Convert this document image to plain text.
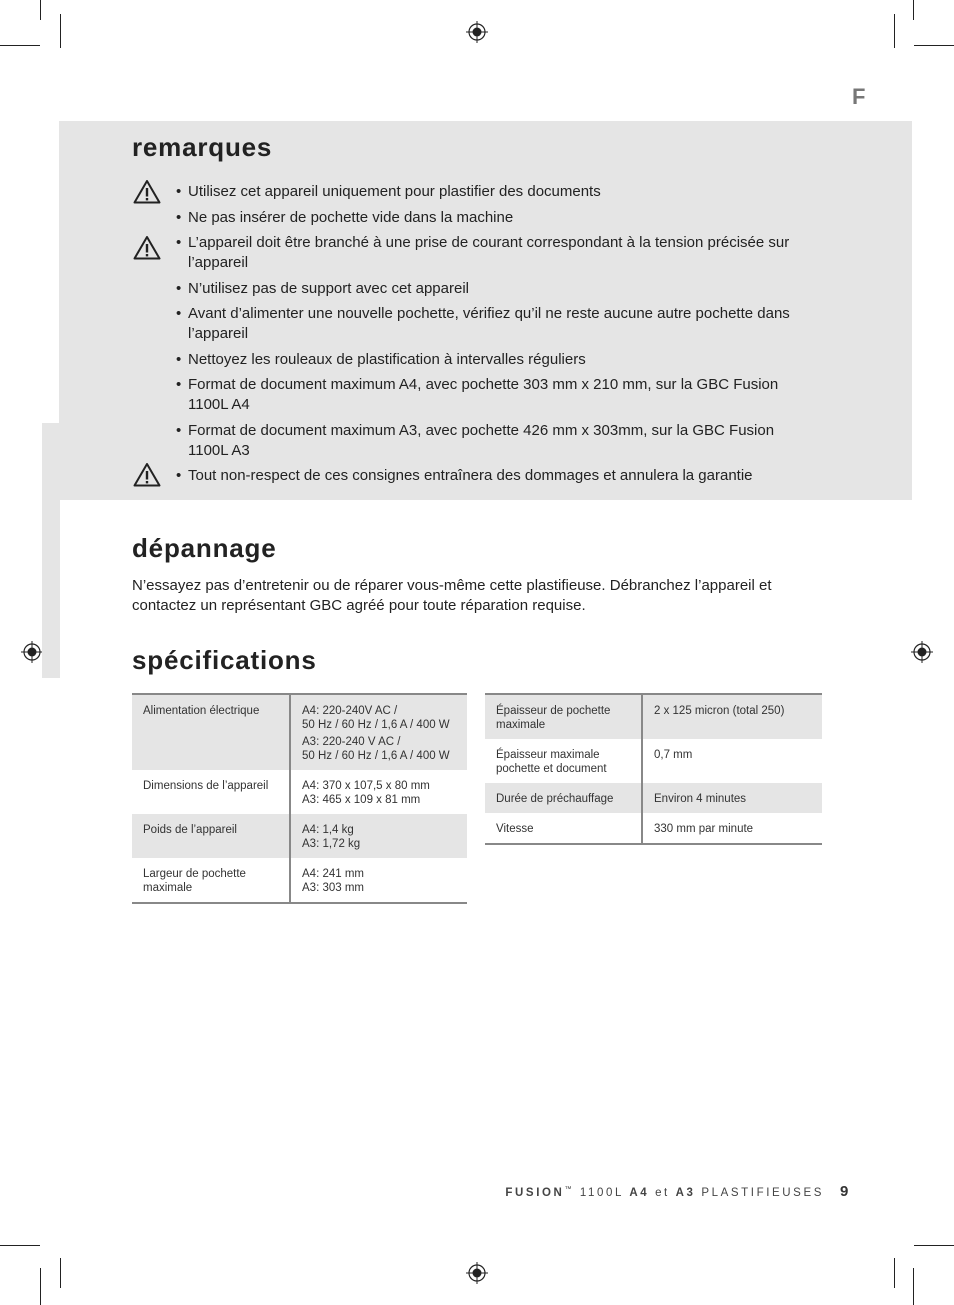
F
remarques
• Utilisez cet appareil uniquement pour plastifier des documents
• Ne pas insérer de pochette vide dans la machine
• L’appareil doit être branché à une prise de courant correspondant à la tension précisée sur l’appareil
• N’utilisez pas de support avec cet appareil
• Avant d’alimenter une nouvelle pochette, vérifiez qu’il ne reste aucune autre pochette dans l’appareil
• Nettoyez les rouleaux de plastification à intervalles réguliers
• Format de document maximum A4, avec pochette 303 mm x 210 mm, sur la GBC Fusion 1100L A4
• Format de document maximum A3, avec pochette 426 mm x 303mm, sur la GBC Fusion 1100L A3
• Tout non-respect de ces consignes entraînera des dommages et annulera la garantie
dépannage
N’essayez pas d’entretenir ou de réparer vous-même cette plastifieuse. Débranchez l’appareil et contactez un représentant GBC agréé pour toute réparation requise.
spécifications
Alimentation électrique	A4: 220-240V AC /
50 Hz / 60 Hz / 1,6 A / 400 W
A3: 220-240 V AC /
50 Hz / 60 Hz / 1,6 A / 400 W

Dimensions de l’appareil	A4: 370 x 107,5 x 80 mm
A3: 465 x 109 x 81 mm
Poids de l’appareil	A4: 1,4 kg
A3: 1,72 kg
Largeur de pochette maximale	A4: 241 mm
A3: 303 mm
Épaisseur de pochette maximale	2 x 125 micron (total 250)
Épaisseur maximale pochette et document	0,7 mm
Durée de préchauffage	Environ 4 minutes
Vitesse	330 mm par minute
FUSION™ 1100L A4 et A3 PLASTIFIEUSES 9
